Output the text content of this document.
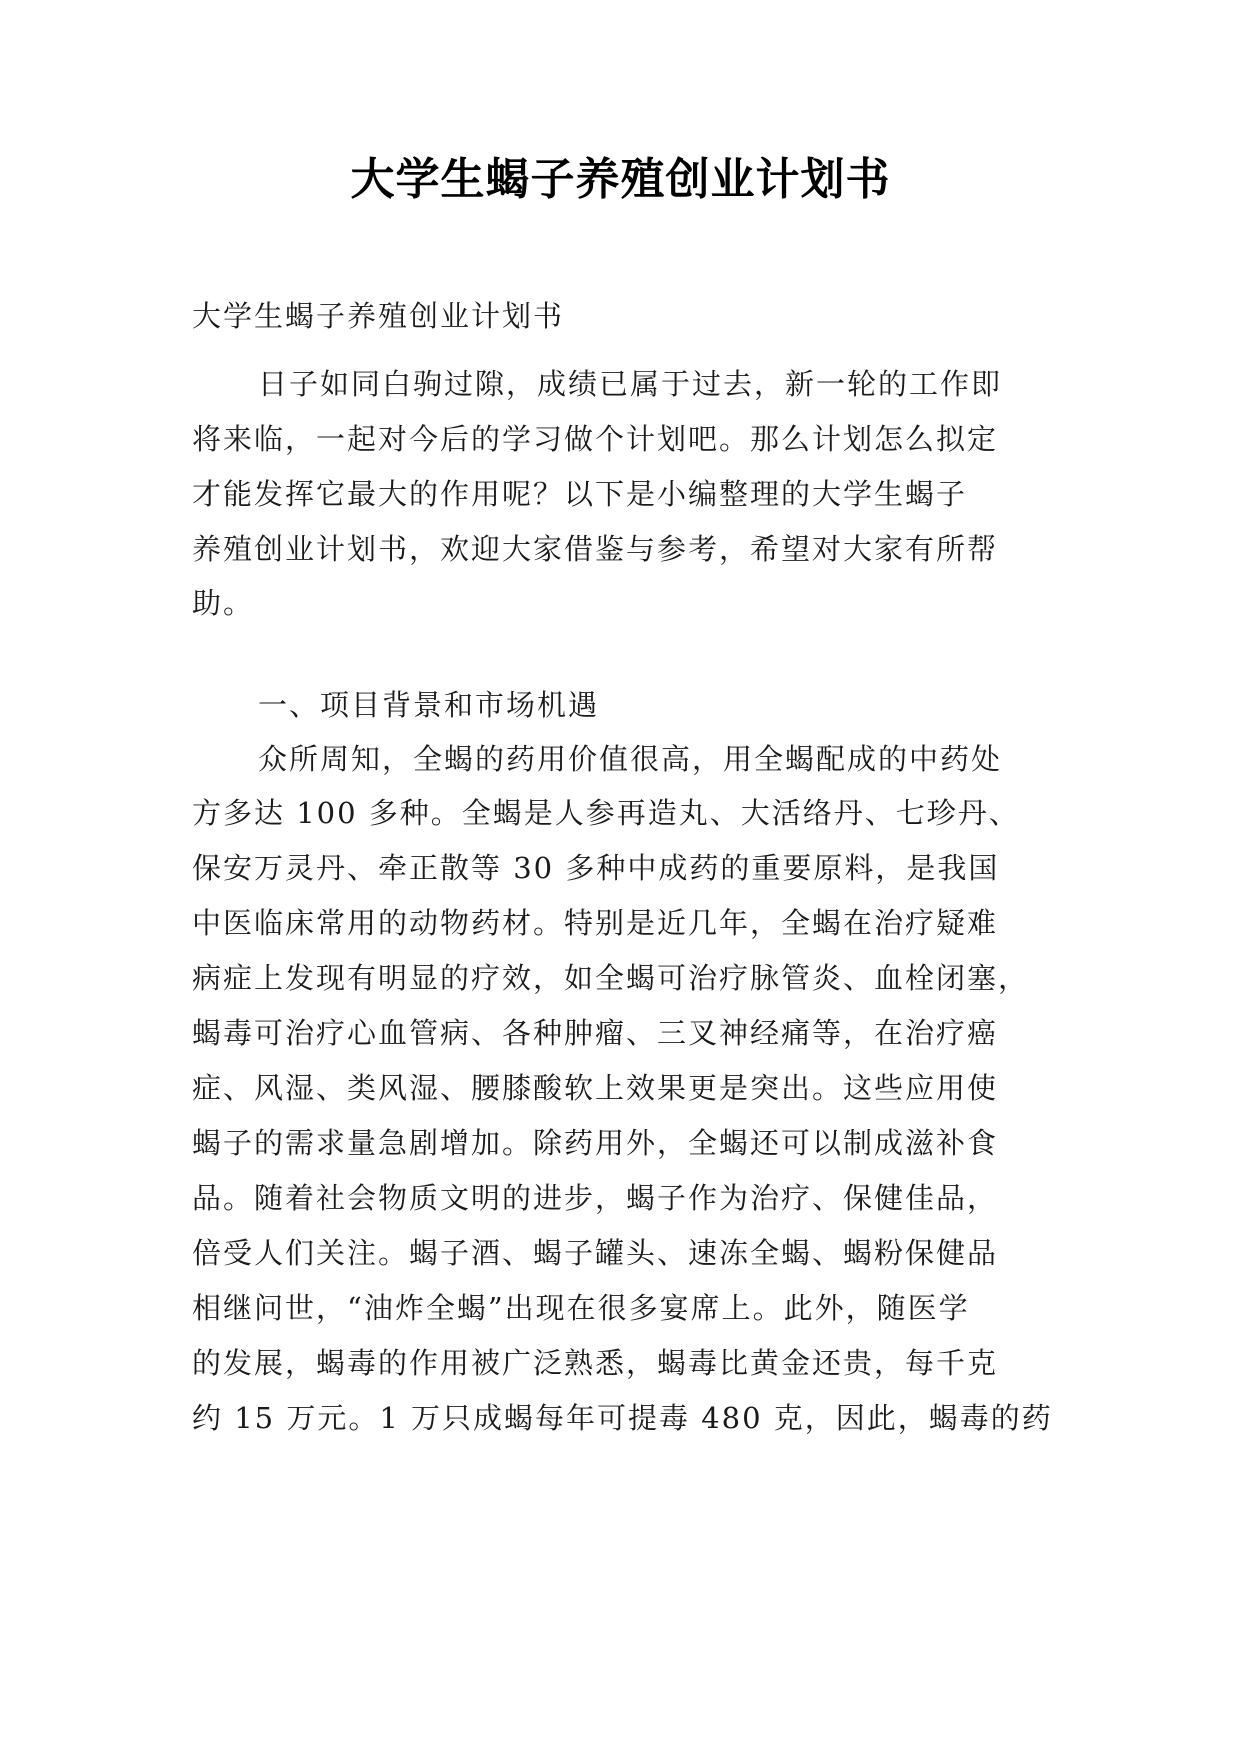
大学生蝎子养殖创业计划书
大学生蝎子养殖创业计划书
日子如同白驹过隙，成绩已属于过去，新一轮的工作即
将来临，一起对今后的学习做个计划吧。那么计划怎么拟定
才能发挥它最大的作用呢？以下是小编整理的大学生蝎子
养殖创业计划书，欢迎大家借鉴与参考，希望对大家有所帮
助。
一、项目背景和市场机遇
众所周知，全蝎的药用价值很高，用全蝎配成的中药处
方多达 100 多种。全蝎是人参再造丸、大活络丹、七珍丹、
保安万灵丹、牵正散等 30 多种中成药的重要原料，是我国
中医临床常用的动物药材。特别是近几年，全蝎在治疗疑难
病症上发现有明显的疗效，如全蝎可治疗脉管炎、血栓闭塞，
蝎毒可治疗心血管病、各种肿瘤、三叉神经痛等，在治疗癌
症、风湿、类风湿、腰膝酸软上效果更是突出。这些应用使
蝎子的需求量急剧增加。除药用外，全蝎还可以制成滋补食
品。随着社会物质文明的进步，蝎子作为治疗、保健佳品，
倍受人们关注。蝎子酒、蝎子罐头、速冻全蝎、蝎粉保健品
相继问世，“油炸全蝎”出现在很多宴席上。此外，随医学
的发展，蝎毒的作用被广泛熟悉，蝎毒比黄金还贵，每千克
约 15 万元。1 万只成蝎每年可提毒 480 克，因此，蝎毒的药
